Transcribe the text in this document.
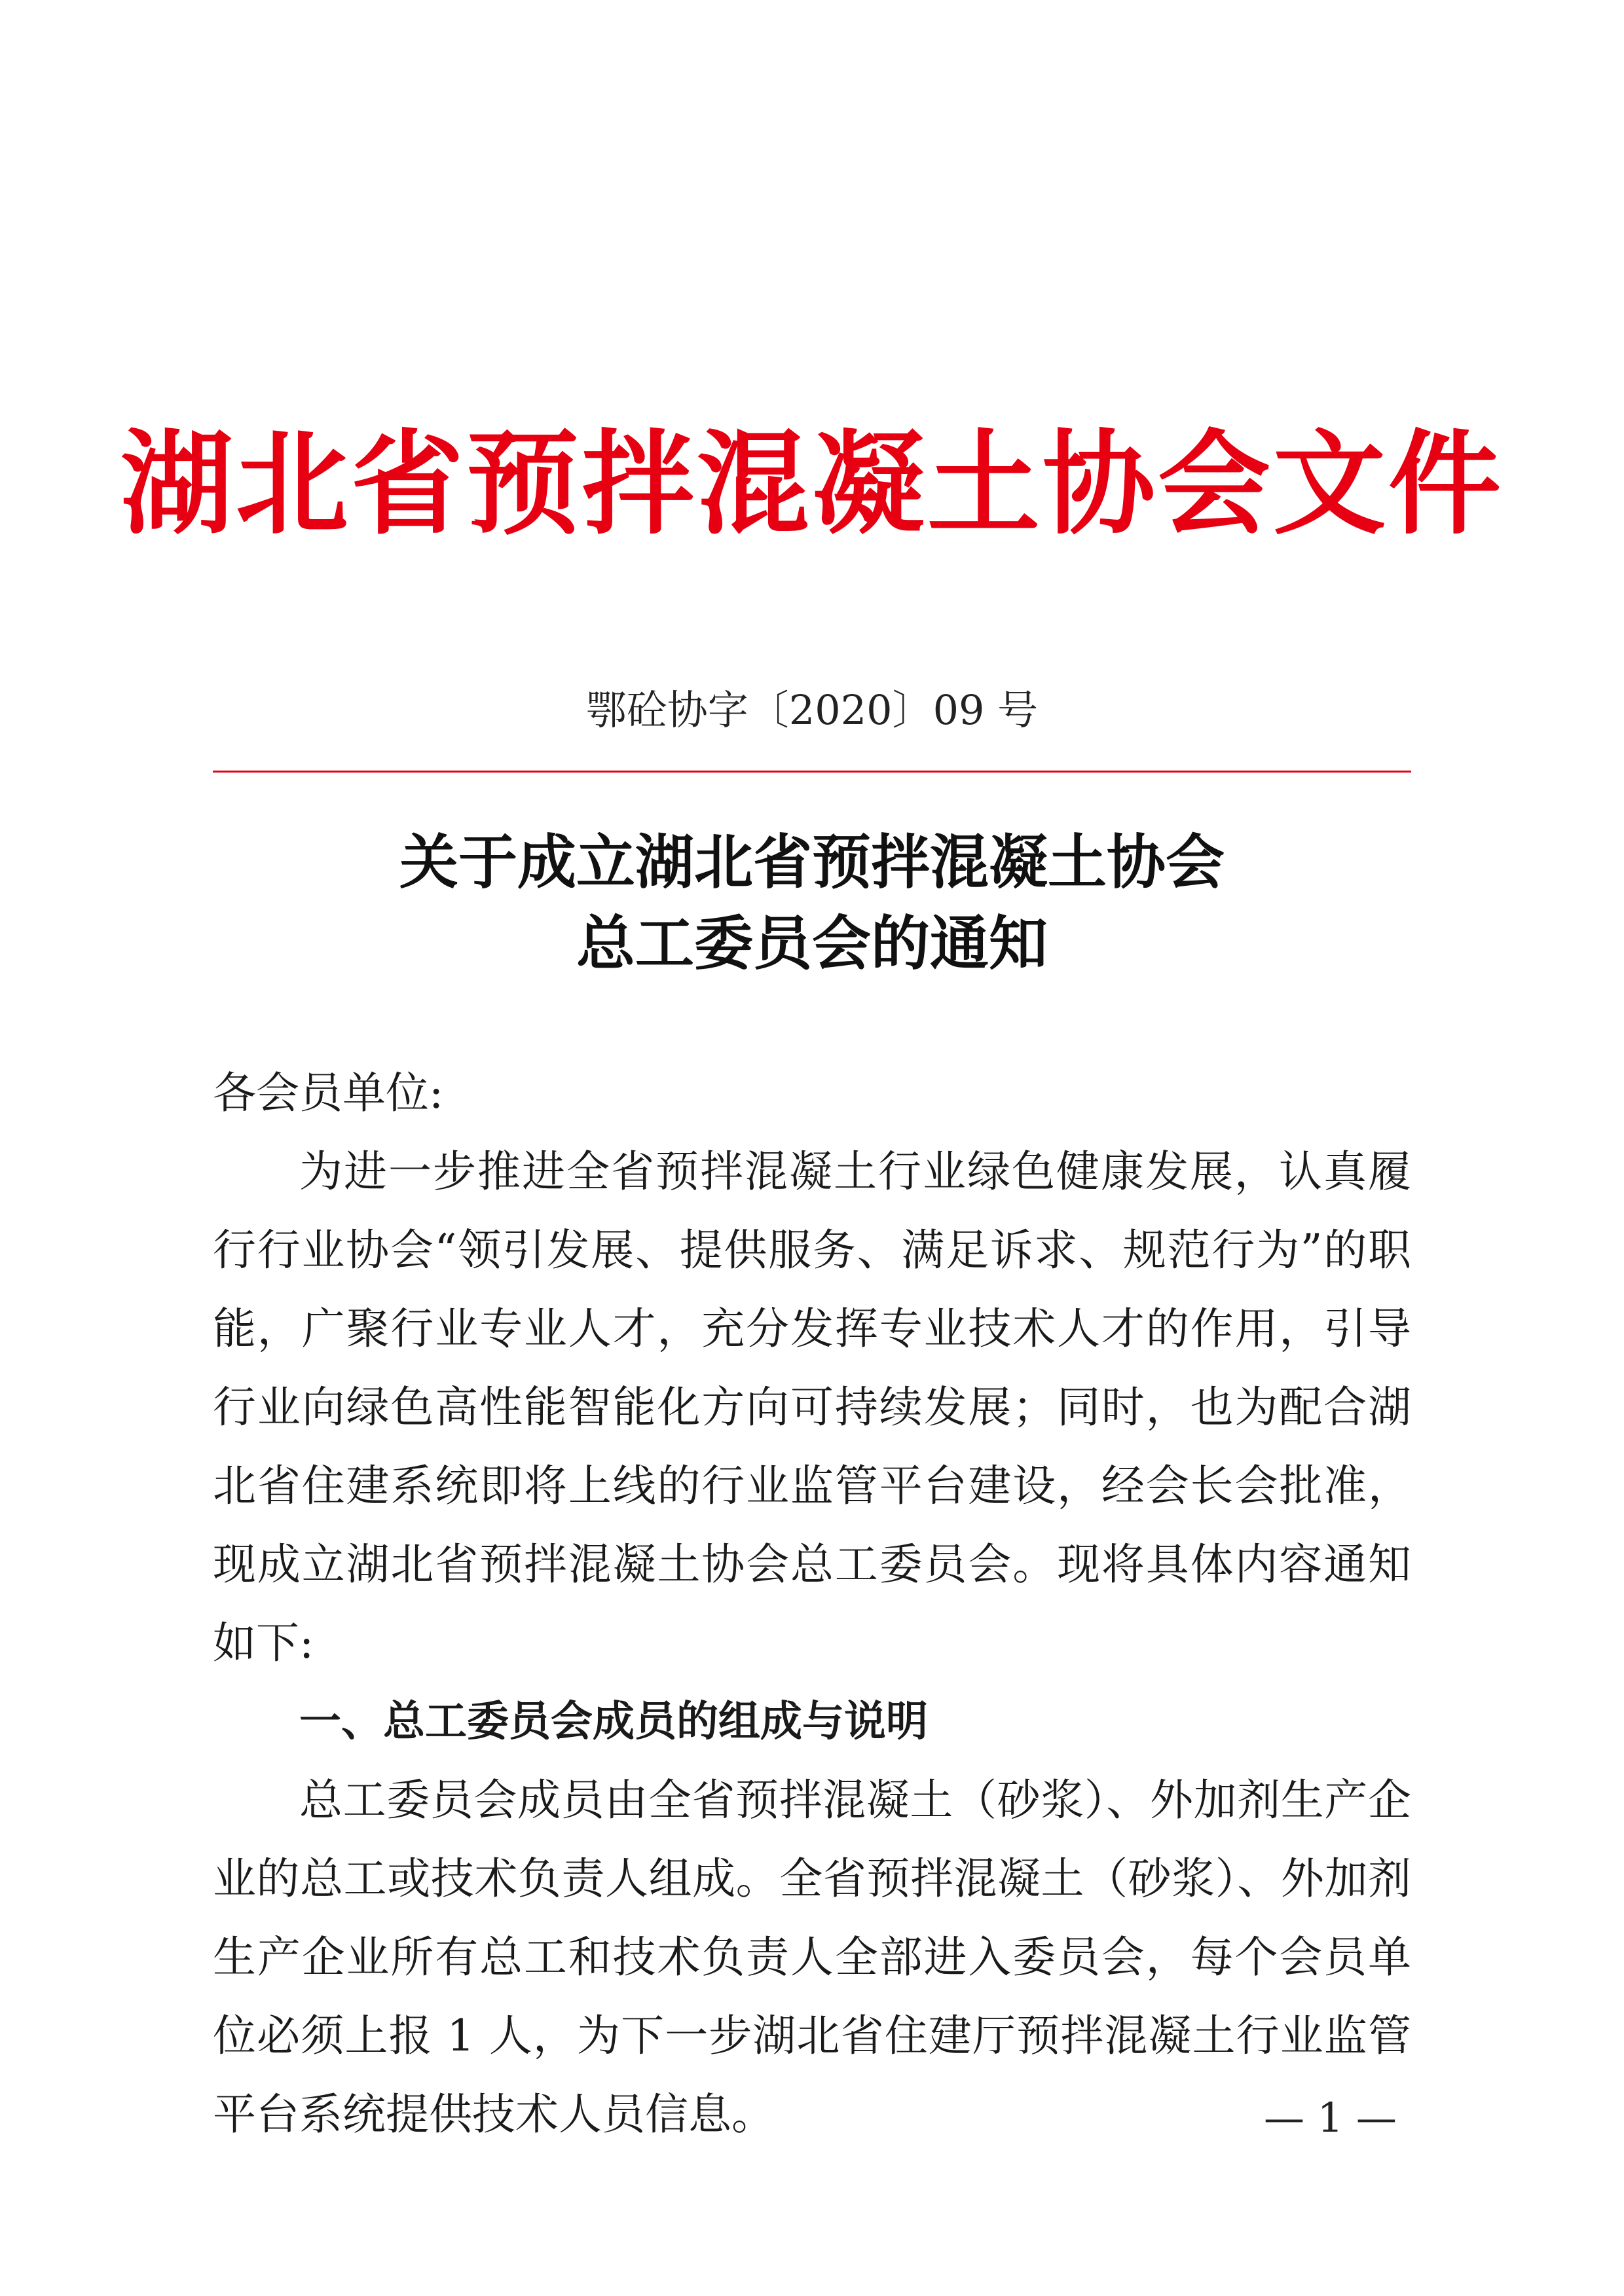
湖北省预拌混凝土协会文件
鄂砼协字〔2020〕09 号
关于成立湖北省预拌混凝土协会
总工委员会的通知

各会员单位:

为进一步推进全省预拌混凝土行业绿色健康发展，认真履行行业协会“领引发展、提供服务、满足诉求、规范行为”的职能，广聚行业专业人才，充分发挥专业技术人才的作用，引导行业向绿色高性能智能化方向可持续发展；同时，也为配合湖北省住建系统即将上线的行业监管平台建设，经会长会批准，现成立湖北省预拌混凝土协会总工委员会。现将具体内容通知如下:

一、总工委员会成员的组成与说明

总工委员会成员由全省预拌混凝土（砂浆）、外加剂生产企业的总工或技术负责人组成。全省预拌混凝土（砂浆）、外加剂生产企业所有总工和技术负责人全部进入委员会，每个会员单位必须上报 1 人，为下一步湖北省住建厅预拌混凝土行业监管平台系统提供技术人员信息。	— 1 —
